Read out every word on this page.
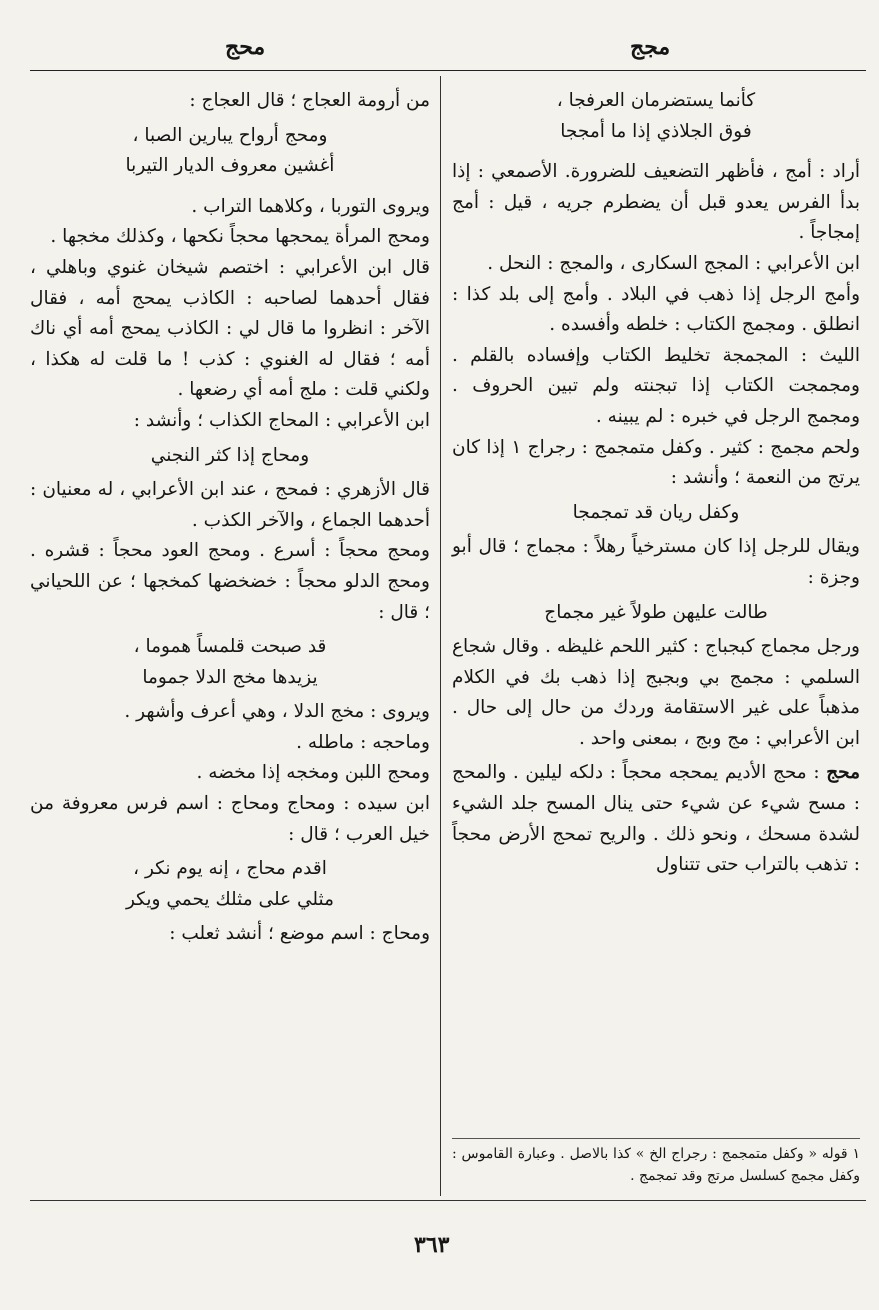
مجج
محج

كأنما يستضرمان العرفجا ،

فوق الجلاذي إذا ما أمججا

أراد : أمج ، فأظهر التضعيف للضرورة. الأصمعي : إذا بدأ الفرس يعدو قبل أن يضطرم جريه ، قيل : أمج إمجاجاً .

ابن الأعرابي : المجج السكارى ، والمجج : النحل .

وأمج الرجل إذا ذهب في البلاد . وأمج إلى بلد كذا : انطلق . ومجمج الكتاب : خلطه وأفسده .

الليث : المجمجة تخليط الكتاب وإفساده بالقلم . ومجمجت الكتاب إذا تبجنته ولم تبين الحروف . ومجمج الرجل في خبره : لم يبينه .

ولحم مجمج : كثير . وكفل متمجمج : رجراج ١ إذا كان يرتج من النعمة ؛ وأنشد :

وكفل ريان قد تمجمجا

ويقال للرجل إذا كان مسترخياً رهلاً : مجماج ؛ قال أبو وجزة :

طالت عليهن طولاً غير مجماج

ورجل مجماج كبجباج : كثير اللحم غليظه . وقال شجاع السلمي : مجمج بي وبجبج إذا ذهب بك في الكلام مذهباً على غير الاستقامة وردك من حال إلى حال . ابن الأعرابي : مج وبج ، بمعنى واحد .

محج : محج الأديم يمحجه محجاً : دلكه ليلين . والمحج : مسح شيء عن شيء حتى ينال المسح جلد الشيء لشدة مسحك ، ونحو ذلك . والريح تمحج الأرض محجاً : تذهب بالتراب حتى تتناول

١ قوله « وكفل متمجمج : رجراج الخ » كذا بالاصل . وعبارة القاموس : وكفل مجمج كسلسل مرتج وقد تمجمج .

من أرومة العجاج ؛ قال العجاج :

ومحج أرواح يبارين الصبا ،

أغشين معروف الديار التيربا

ويروى التوربا ، وكلاهما التراب .

ومحج المرأة يمحجها محجاً نكحها ، وكذلك مخجها .

قال ابن الأعرابي : اختصم شيخان غنوي وباهلي ، فقال أحدهما لصاحبه : الكاذب يمحج أمه ، فقال الآخر : انظروا ما قال لي : الكاذب يمحج أمه أي ناك أمه ؛ فقال له الغنوي : كذب ! ما قلت له هكذا ، ولكني قلت : ملج أمه أي رضعها .

ابن الأعرابي : المحاج الكذاب ؛ وأنشد :

ومحاج إذا كثر النجني

قال الأزهري : فمحج ، عند ابن الأعرابي ، له معنيان : أحدهما الجماع ، والآخر الكذب .

ومحج محجاً : أسرع . ومحج العود محجاً : قشره . ومحج الدلو محجاً : خضخضها كمخجها ؛ عن اللحياني ؛ قال :

قد صبحت قلمساً هموما ،

يزيدها مخج الدلا جموما

ويروى : مخج الدلا ، وهي أعرف وأشهر .

وماحجه : ماطله .

ومحج اللبن ومخجه إذا مخضه .

ابن سيده : ومحاج ومحاج : اسم فرس معروفة من خيل العرب ؛ قال :

اقدم محاج ، إنه يوم نكر ،

مثلي على مثلك يحمي ويكر

ومحاج : اسم موضع ؛ أنشد ثعلب :

٣٦٣
